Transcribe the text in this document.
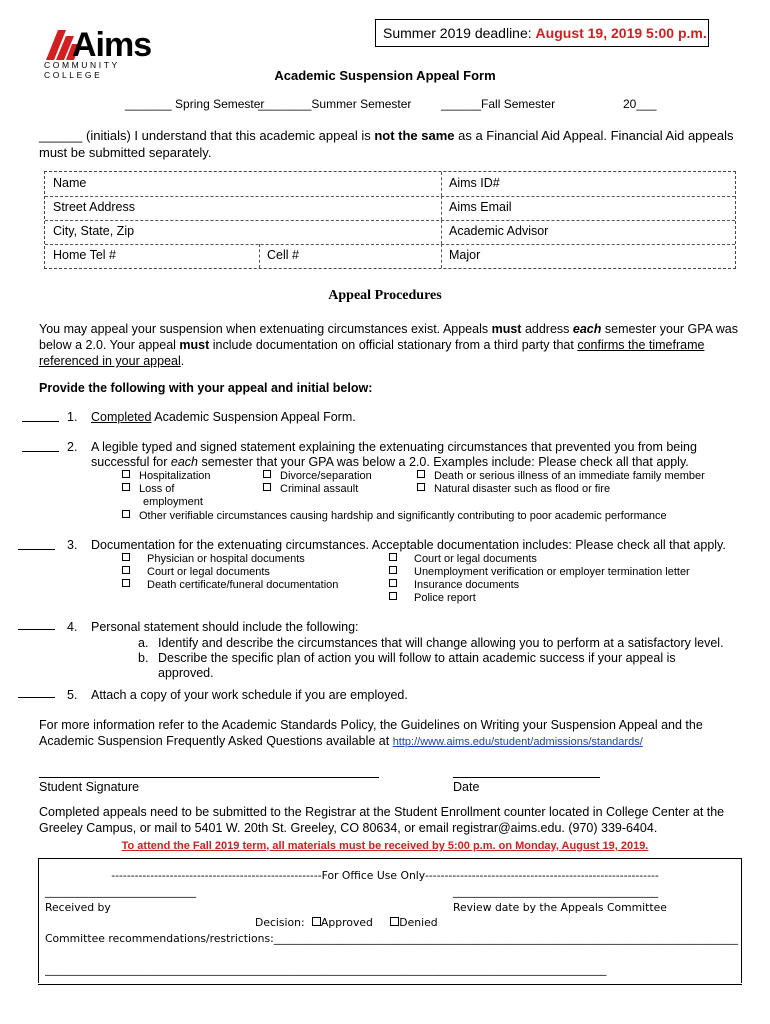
Aims
COMMUNITY COLLEGE
Summer 2019 deadline: August 19, 2019 5:00 p.m.
Academic Suspension Appeal Form
_______ Spring Semester
________Summer Semester ______Fall Semester	20___
______ (initials) I understand that this academic appeal is not the same as a Financial Aid Appeal. Financial Aid appeals must be submitted separately.
Name	Aims ID#
Street Address	Aims Email
City, State, Zip	Academic Advisor
Home Tel #	Cell #	Major
Appeal Procedures
You may appeal your suspension when extenuating circumstances exist. Appeals must address each semester your GPA was below a 2.0. Your appeal must include documentation on official stationary from a third party that confirms the timeframe referenced in your appeal.
Provide the following with your appeal and initial below:
1. Completed Academic Suspension Appeal Form.
2. A legible typed and signed statement explaining the extenuating circumstances that prevented you from being
successful for each semester that your GPA was below a 2.0. Examples include: Please check all that apply.
Hospitalization	Divorce/separation	Death or serious illness of an immediate family member
Loss of
employment
Criminal assault	Natural disaster such as flood or fire
Other verifiable circumstances causing hardship and significantly contributing to poor academic performance
3. Documentation for the extenuating circumstances. Acceptable documentation includes: Please check all that apply.
Physician or hospital documents
Court or legal documents
Death certificate/funeral documentation
Court or legal documents
Unemployment verification or employer termination letter
Insurance documents
Police report
4. Personal statement should include the following:
a. Identify and describe the circumstances that will change allowing you to perform at a satisfactory level.
b. Describe the specific plan of action you will follow to attain academic success if your appeal is approved.
5. Attach a copy of your work schedule if you are employed.
For more information refer to the Academic Standards Policy, the Guidelines on Writing your Suspension Appeal and the Academic Suspension Frequently Asked Questions available at http://www.aims.edu/student/admissions/standards/
Student Signature	Date
Completed appeals need to be submitted to the Registrar at the Student Enrollment counter located in College Center at the Greeley Campus, or mail to 5401 W. 20th St. Greeley, CO 80634, or email registrar@aims.edu. (970) 339-6404.
To attend the Fall 2019 term, all materials must be received by 5:00 p.m. on Monday, August 19, 2019.
------------------------------------------------------For Office Use Only------------------------------------------------------------
____________________________
Received by
______________________________________
Review date by the Appeals Committee
Decision: Approved Denied
Committee recommendations/restrictions:______________________________________________________________________________________
________________________________________________________________________________________________________
